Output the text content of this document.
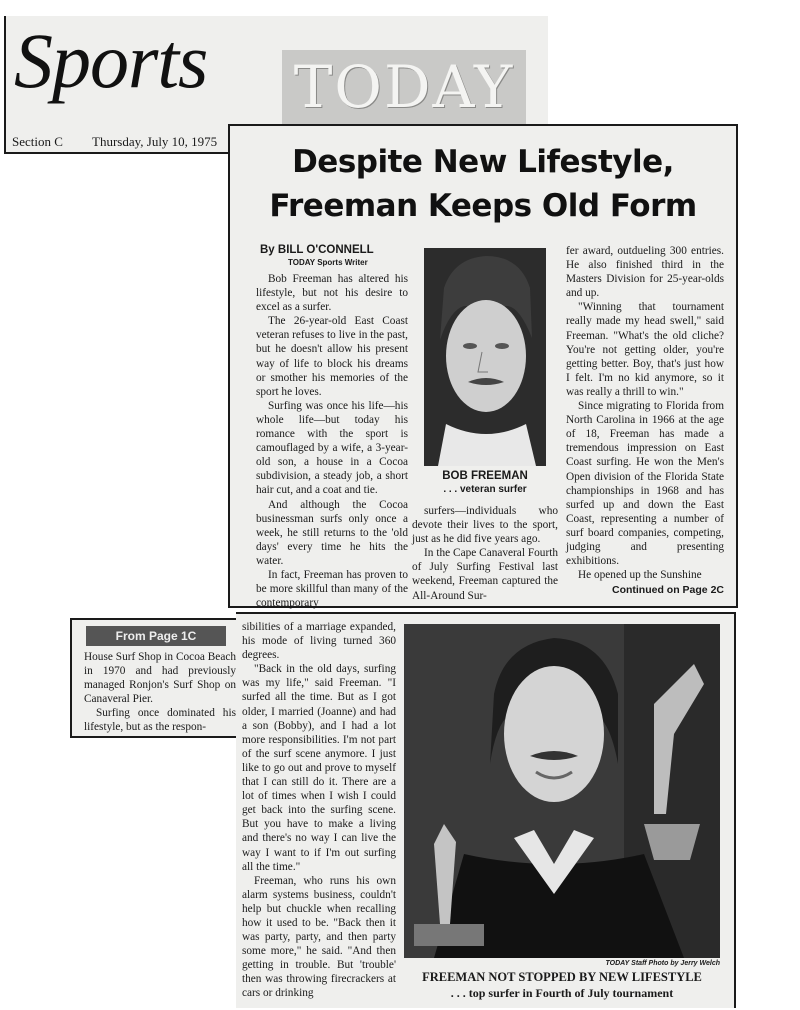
Sports TODAY
Section C Thursday, July 10, 1975
Despite New Lifestyle,
Freeman Keeps Old Form
By BILL O'CONNELL
TODAY Sports Writer

Bob Freeman has altered his lifestyle, but not his desire to excel as a surfer.

The 26-year-old East Coast veteran refuses to live in the past, but he doesn't allow his present way of life to block his dreams or smother his memories of the sport he loves.

Surfing was once his life—his whole life—but today his romance with the sport is camouflaged by a wife, a 3-year-old son, a house in a Cocoa subdivision, a steady job, a short hair cut, and a coat and tie.

And although the Cocoa businessman surfs only once a week, he still returns to the 'old days' every time he hits the water.

In fact, Freeman has proven to be more skillful than many of the contemporary

BOB FREEMAN
. . . veteran surfer

surfers—individuals who devote their lives to the sport, just as he did five years ago.

In the Cape Canaveral Fourth of July Surfing Festival last weekend, Freeman captured the All-Around Sur-

fer award, outdueling 300 entries. He also finished third in the Masters Division for 25-year-olds and up.

"Winning that tournament really made my head swell," said Freeman. "What's the old cliche? You're not getting older, you're getting better. Boy, that's just how I felt. I'm no kid anymore, so it was really a thrill to win."

Since migrating to Florida from North Carolina in 1966 at the age of 18, Freeman has made a tremendous impression on East Coast surfing. He won the Men's Open division of the Florida State championships in 1968 and has surfed up and down the East Coast, representing a number of surf board companies, competing, judging and presenting exhibitions.

He opened up the Sunshine

Continued on Page 2C
From Page 1C

House Surf Shop in Cocoa Beach in 1970 and had previously managed Ronjon's Surf Shop on Canaveral Pier.

Surfing once dominated his lifestyle, but as the respon-

sibilities of a marriage expanded, his mode of living turned 360 degrees.

"Back in the old days, surfing was my life," said Freeman. "I surfed all the time. But as I got older, I married (Joanne) and had a son (Bobby), and I had a lot more responsibilities. I'm not part of the surf scene anymore. I just like to go out and prove to myself that I can still do it. There are a lot of times when I wish I could get back into the surfing scene. But you have to make a living and there's no way I can live the way I want to if I'm out surfing all the time."

Freeman, who runs his own alarm systems business, couldn't help but chuckle when recalling how it used to be. "Back then it was party, party, and then party some more," he said. "And then getting in trouble. But 'trouble' then was throwing firecrackers at cars or drinking

TODAY Staff Photo by Jerry Welch
FREEMAN NOT STOPPED BY NEW LIFESTYLE
. . . top surfer in Fourth of July tournament
